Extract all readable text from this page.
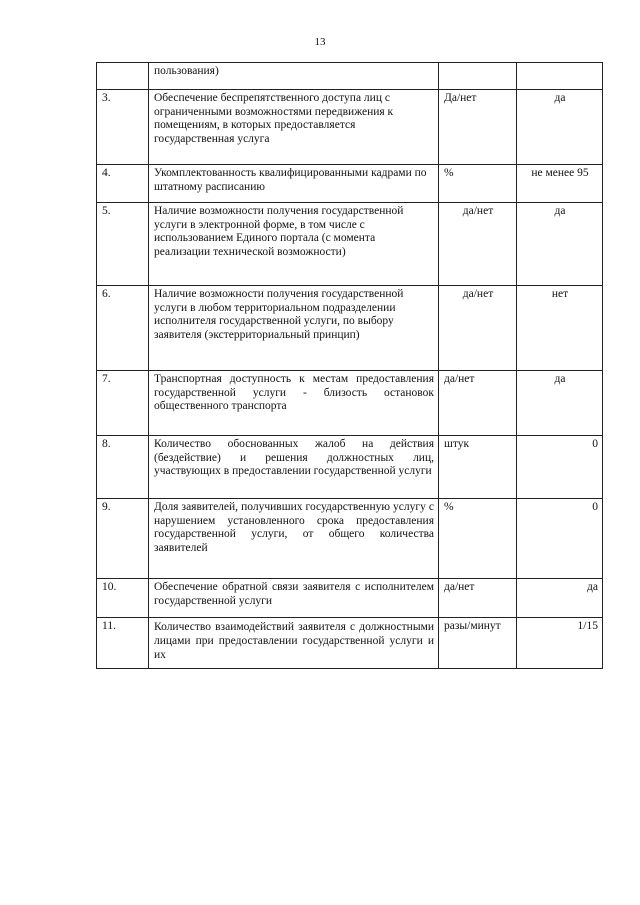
13
	пользования)		
3.	Обеспечение беспрепятственного доступа лиц с ограниченными возможностями передвижения к помещениям, в которых предоставляется государственная услуга	Да/нет	да
4.	Укомплектованность квалифицированными кадрами по штатному расписанию	%	не менее 95
5.	Наличие возможности получения государственной услуги в электронной форме, в том числе с использованием Единого портала (с момента реализации технической возможности)	да/нет	да
6.	Наличие возможности получения государственной услуги в любом территориальном подразделении исполнителя государственной услуги, по выбору заявителя (экстерриториальный принцип)	да/нет	нет
7.	Транспортная доступность к местам предоставления государственной услуги - близость остановок общественного транспорта	да/нет	да
8.	Количество обоснованных жалоб на действия (бездействие) и решения должностных лиц, участвующих в предоставлении государственной услуги	штук	0
9.	Доля заявителей, получивших государственную услугу с нарушением установленного срока предоставления государственной услуги, от общего количества заявителей	%	0
10.	Обеспечение обратной связи заявителя с исполнителем государственной услуги	да/нет	да
11.	Количество взаимодействий заявителя с должностными лицами при предоставлении государственной услуги и их	разы/минут	1/15
